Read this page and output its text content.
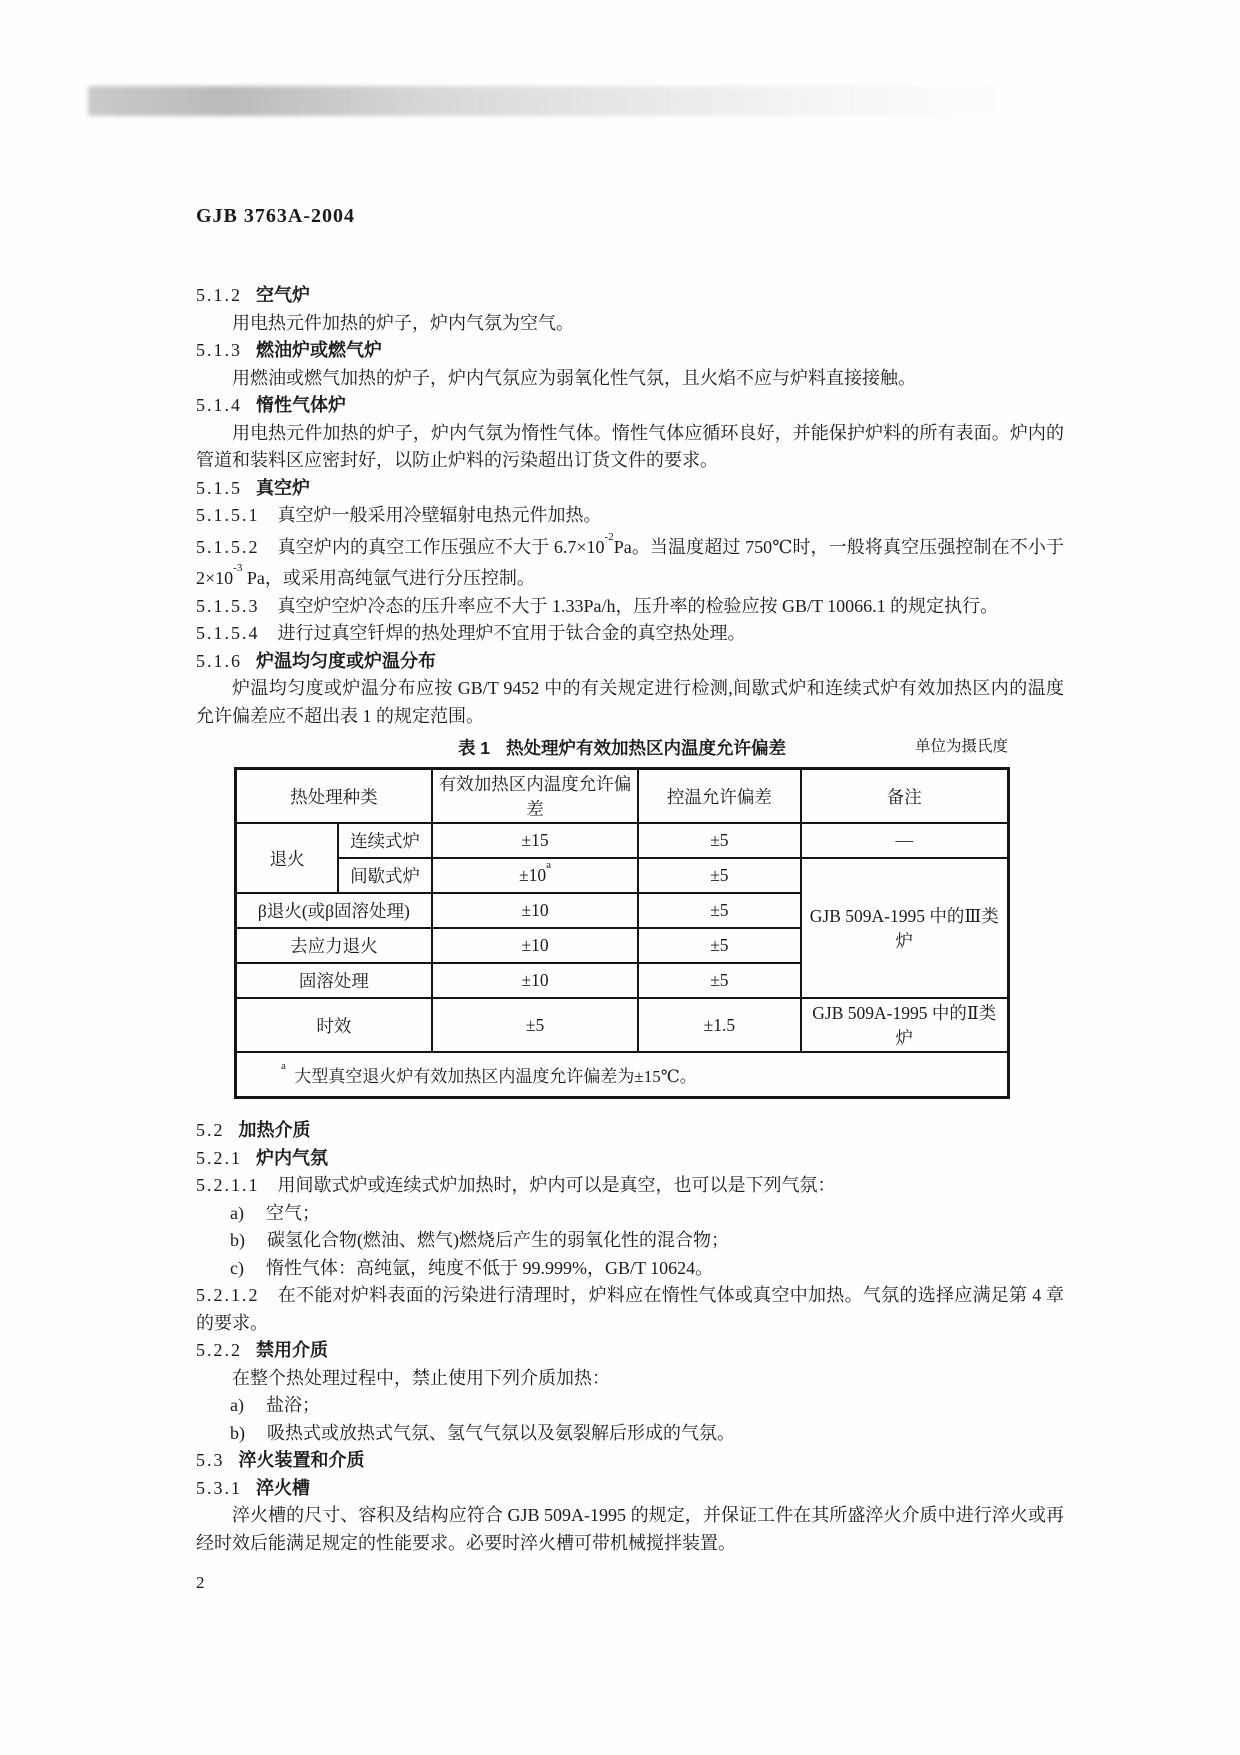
GJB 3763A-2004

5.1.2 空气炉

用电热元件加热的炉子，炉内气氛为空气。

5.1.3 燃油炉或燃气炉

用燃油或燃气加热的炉子，炉内气氛应为弱氧化性气氛，且火焰不应与炉料直接接触。

5.1.4 惰性气体炉

用电热元件加热的炉子，炉内气氛为惰性气体。惰性气体应循环良好，并能保护炉料的所有表面。炉内的管道和装料区应密封好，以防止炉料的污染超出订货文件的要求。

5.1.5 真空炉

5.1.5.1 真空炉一般采用冷壁辐射电热元件加热。

5.1.5.2 真空炉内的真空工作压强应不大于 $6.7\times 10^{-2}Pa$。当温度超过 750℃时，一般将真空压强控制在不小于 $2\times 10^{-3}$ Pa，或采用高纯氩气进行分压控制。

5.1.5.3 真空炉空炉冷态的压升率应不大于 1.33Pa/h，压升率的检验应按 GB/T 10066.1 的规定执行。

5.1.5.4 进行过真空钎焊的热处理炉不宜用于钛合金的真空热处理。

5.1.6 炉温均匀度或炉温分布

炉温均匀度或炉温分布应按 GB/T 9452 中的有关规定进行检测,间歇式炉和连续式炉有效加热区内的温度允许偏差应不超出表 1 的规定范围。

表 1 热处理炉有效加热区内温度允许偏差	单位为摄氏度
热处理种类		有效加热区内温度允许偏差	控温允许偏差	备注
退火	连续式炉	±15	±5	—
	间歇式炉	$\pm 10^a$	±5	GJB 509A-1995 中的Ⅲ类炉
β退火(或β固溶处理)		±10	±5	
去应力退火		±10	±5	
固溶处理		±10	±5	
时效		±5	±1.5	GJB 509A-1995 中的Ⅱ类炉
$^a$  大型真空退火炉有效加热区内温度允许偏差为±15℃。				

5.2 加热介质

5.2.1 炉内气氛

5.2.1.1 用间歇式炉或连续式炉加热时，炉内可以是真空，也可以是下列气氛：

a) 空气；

b) 碳氢化合物(燃油、燃气)燃烧后产生的弱氧化性的混合物；

c) 惰性气体：高纯氩，纯度不低于 99.999%，GB/T 10624。

5.2.1.2 在不能对炉料表面的污染进行清理时，炉料应在惰性气体或真空中加热。气氛的选择应满足第 4 章的要求。

5.2.2 禁用介质

在整个热处理过程中，禁止使用下列介质加热：

a) 盐浴；

b) 吸热式或放热式气氛、氢气气氛以及氨裂解后形成的气氛。

5.3 淬火装置和介质

5.3.1 淬火槽

淬火槽的尺寸、容积及结构应符合 GJB 509A-1995 的规定，并保证工件在其所盛淬火介质中进行淬火或再经时效后能满足规定的性能要求。必要时淬火槽可带机械搅拌装置。

2
